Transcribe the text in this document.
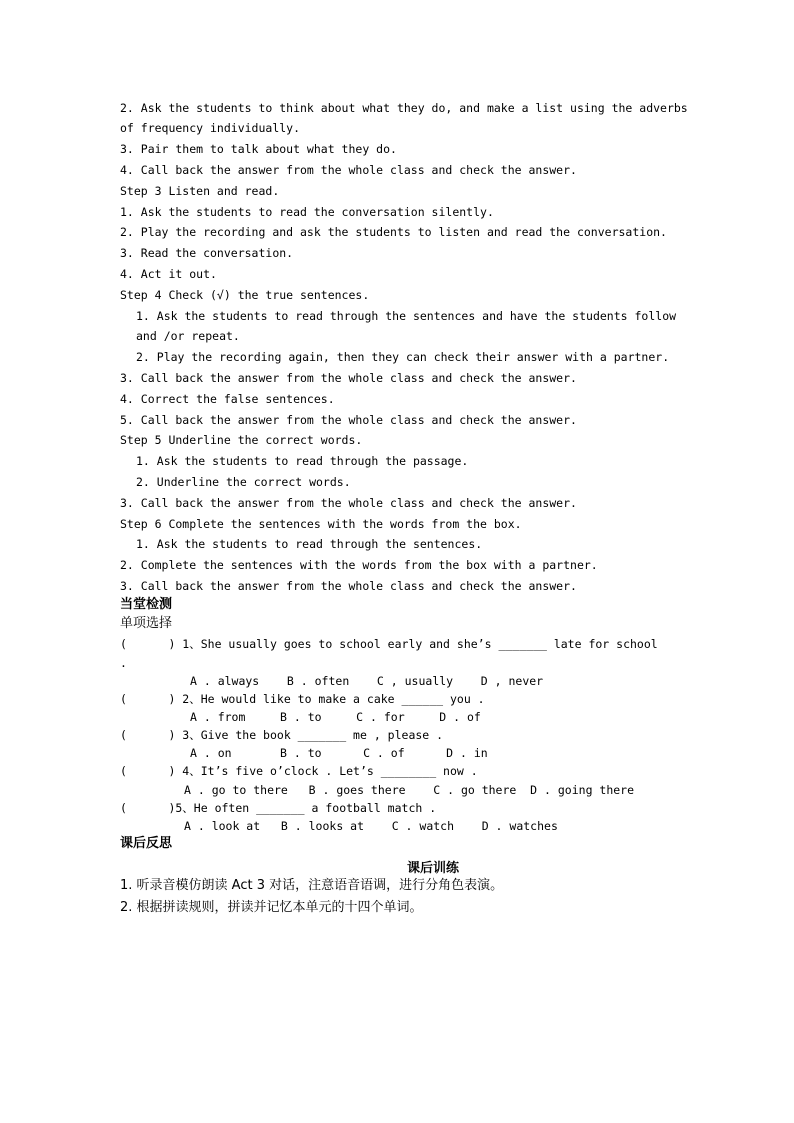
2. Ask the students to think about what they do, and make a list using the adverbs
of frequency individually.
3. Pair them to talk about what they do.
4. Call back the answer from the whole class and check the answer.
Step 3 Listen and read.
1. Ask the students to read the conversation silently.
2. Play the recording and ask the students to listen and read the conversation.
3. Read the conversation.
4. Act it out.
Step 4 Check (√) the true sentences.
1. Ask the students to read through the sentences and have the students follow
and /or repeat.
2. Play the recording again, then they can check their answer with a partner.
3. Call back the answer from the whole class and check the answer.
4. Correct the false sentences.
5. Call back the answer from the whole class and check the answer.
Step 5 Underline the correct words.
1. Ask the students to read through the passage.
2. Underline the correct words.
3. Call back the answer from the whole class and check the answer.
Step 6 Complete the sentences with the words from the box.
1. Ask the students to read through the sentences.
2. Complete the sentences with the words from the box with a partner.
3. Call back the answer from the whole class and check the answer.
当堂检测
单项选择
(      ) 1、She usually goes to school early and she’s _______ late for school
.
A . always    B . often    C , usually    D , never
(      ) 2、He would like to make a cake ______ you .
A . from     B . to     C . for     D . of
(      ) 3、Give the book _______ me , please .
A . on       B . to      C . of      D . in
(      ) 4、It’s five o’clock . Let’s ________ now .
A . go to there   B . goes there    C . go there  D . going there
(      )5、He often _______ a football match .
A . look at   B . looks at    C . watch    D . watches
课后反思
课后训练
1. 听录音模仿朗读 Act 3 对话，注意语音语调，进行分角色表演。
2. 根据拼读规则，拼读并记忆本单元的十四个单词。
